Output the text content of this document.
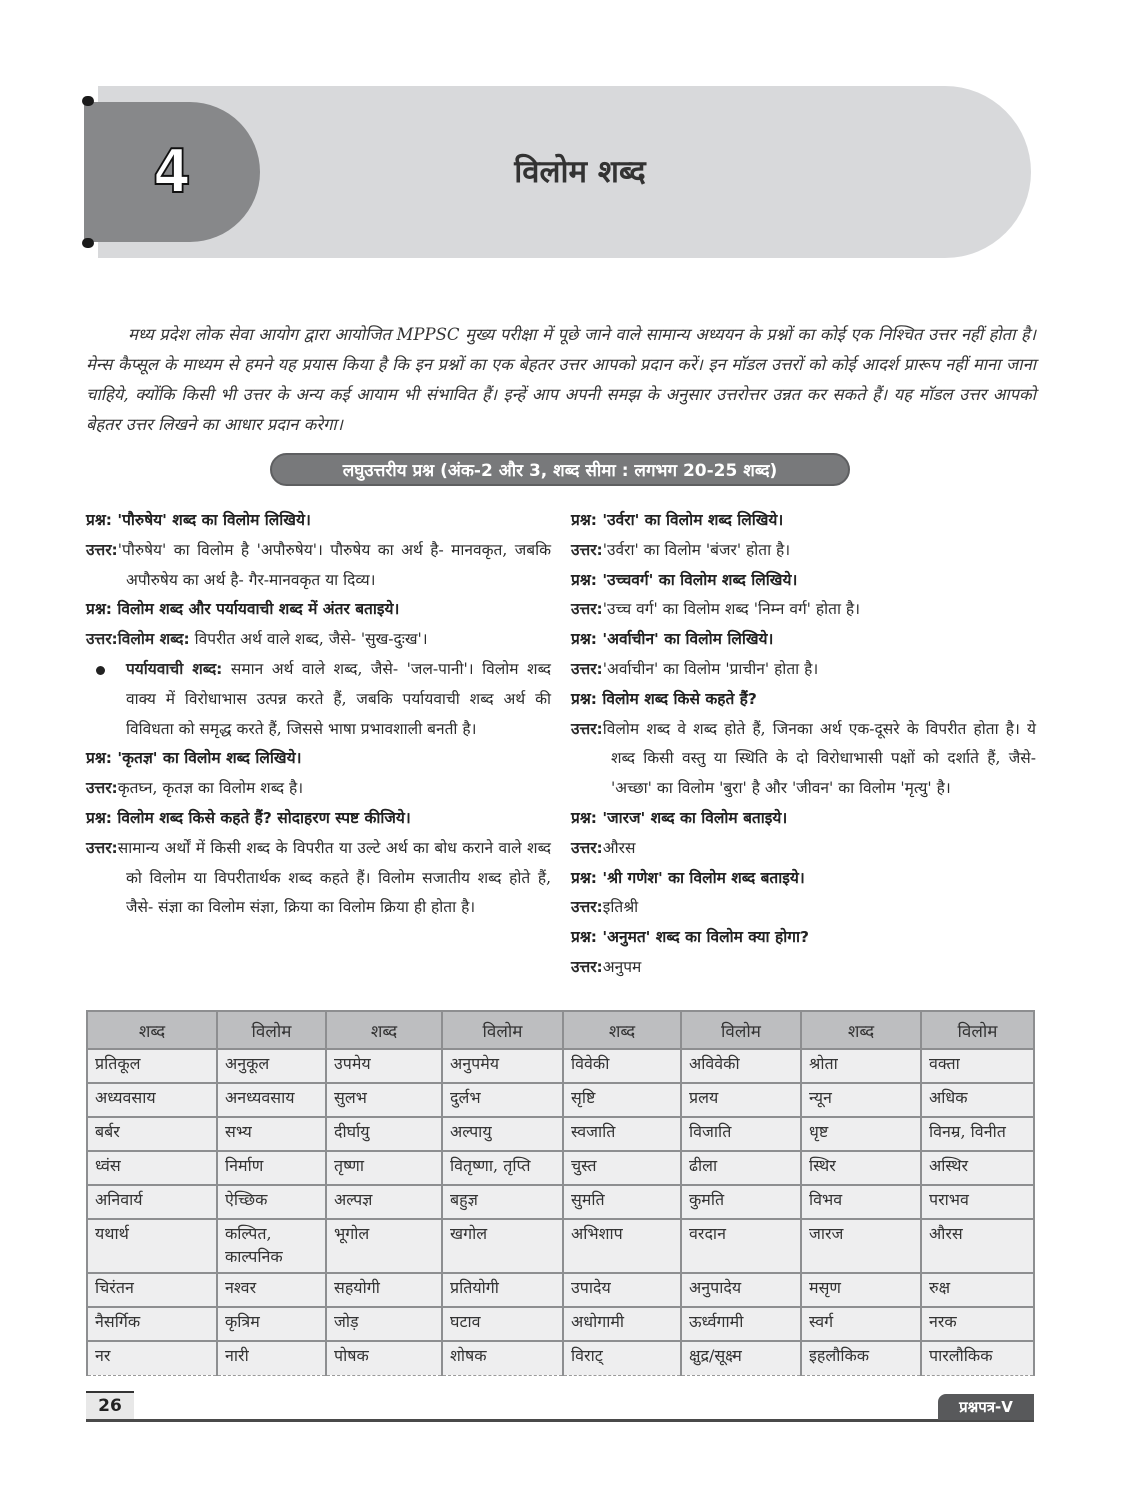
4	विलोम शब्द

मध्य प्रदेश लोक सेवा आयोग द्वारा आयोजित MPPSC मुख्य परीक्षा में पूछे जाने वाले सामान्य अध्ययन के प्रश्नों का कोई एक निश्चित उत्तर नहीं होता है। मेन्स कैप्सूल के माध्यम से हमने यह प्रयास किया है कि इन प्रश्नों का एक बेहतर उत्तर आपको प्रदान करें। इन मॉडल उत्तरों को कोई आदर्श प्रारूप नहीं माना जाना चाहिये, क्योंकि किसी भी उत्तर के अन्य कई आयाम भी संभावित हैं। इन्हें आप अपनी समझ के अनुसार उत्तरोत्तर उन्नत कर सकते हैं। यह मॉडल उत्तर आपको बेहतर उत्तर लिखने का आधार प्रदान करेगा।

लघुउत्तरीय प्रश्न (अंक-2 और 3, शब्द सीमा : लगभग 20-25 शब्द)
प्रश्न: 'पौरुषेय' शब्द का विलोम लिखिये।
उत्तर:'पौरुषेय' का विलोम है 'अपौरुषेय'। पौरुषेय का अर्थ है- मानवकृत, जबकि अपौरुषेय का अर्थ है- गैर-मानवकृत या दिव्य।
प्रश्न: विलोम शब्द और पर्यायवाची शब्द में अंतर बताइये।
उत्तर:विलोम शब्द: विपरीत अर्थ वाले शब्द, जैसे- 'सुख-दुःख'।
पर्यायवाची शब्द: समान अर्थ वाले शब्द, जैसे- 'जल-पानी'। विलोम शब्द वाक्य में विरोधाभास उत्पन्न करते हैं, जबकि पर्यायवाची शब्द अर्थ की विविधता को समृद्ध करते हैं, जिससे भाषा प्रभावशाली बनती है।
प्रश्न: 'कृतज्ञ' का विलोम शब्द लिखिये।
उत्तर:कृतघ्न, कृतज्ञ का विलोम शब्द है।
प्रश्न: विलोम शब्द किसे कहते हैं? सोदाहरण स्पष्ट कीजिये।
उत्तर:सामान्य अर्थों में किसी शब्द के विपरीत या उल्टे अर्थ का बोध कराने वाले शब्द को विलोम या विपरीतार्थक शब्द कहते हैं। विलोम सजातीय शब्द होते हैं, जैसे- संज्ञा का विलोम संज्ञा, क्रिया का विलोम क्रिया ही होता है।
प्रश्न: 'उर्वरा' का विलोम शब्द लिखिये।
उत्तर:'उर्वरा' का विलोम 'बंजर' होता है।
प्रश्न: 'उच्चवर्ग' का विलोम शब्द लिखिये।
उत्तर:'उच्च वर्ग' का विलोम शब्द 'निम्न वर्ग' होता है।
प्रश्न: 'अर्वाचीन' का विलोम लिखिये।
उत्तर:'अर्वाचीन' का विलोम 'प्राचीन' होता है।
प्रश्न: विलोम शब्द किसे कहते हैं?
उत्तर:विलोम शब्द वे शब्द होते हैं, जिनका अर्थ एक-दूसरे के विपरीत होता है। ये शब्द किसी वस्तु या स्थिति के दो विरोधाभासी पक्षों को दर्शाते हैं, जैसे- 'अच्छा' का विलोम 'बुरा' है और 'जीवन' का विलोम 'मृत्यु' है।
प्रश्न: 'जारज' शब्द का विलोम बताइये।
उत्तर:औरस
प्रश्न: 'श्री गणेश' का विलोम शब्द बताइये।
उत्तर:इतिश्री
प्रश्न: 'अनुमत' शब्द का विलोम क्या होगा?
उत्तर:अनुपम
शब्द	विलोम	शब्द	विलोम	शब्द	विलोम	शब्द	विलोम
प्रतिकूल	अनुकूल	उपमेय	अनुपमेय	विवेकी	अविवेकी	श्रोता	वक्ता
अध्यवसाय	अनध्यवसाय	सुलभ	दुर्लभ	सृष्टि	प्रलय	न्यून	अधिक
बर्बर	सभ्य	दीर्घायु	अल्पायु	स्वजाति	विजाति	धृष्ट	विनम्र, विनीत
ध्वंस	निर्माण	तृष्णा	वितृष्णा, तृप्ति	चुस्त	ढीला	स्थिर	अस्थिर
अनिवार्य	ऐच्छिक	अल्पज्ञ	बहुज्ञ	सुमति	कुमति	विभव	पराभव
यथार्थ	कल्पित, काल्पनिक	भूगोल	खगोल	अभिशाप	वरदान	जारज	औरस
चिरंतन	नश्वर	सहयोगी	प्रतियोगी	उपादेय	अनुपादेय	मसृण	रुक्ष
नैसर्गिक	कृत्रिम	जोड़	घटाव	अधोगामी	ऊर्ध्वगामी	स्वर्ग	नरक
नर	नारी	पोषक	शोषक	विराट्	क्षुद्र/सूक्ष्म	इहलौकिक	पारलौकिक
26	प्रश्नपत्र-V
